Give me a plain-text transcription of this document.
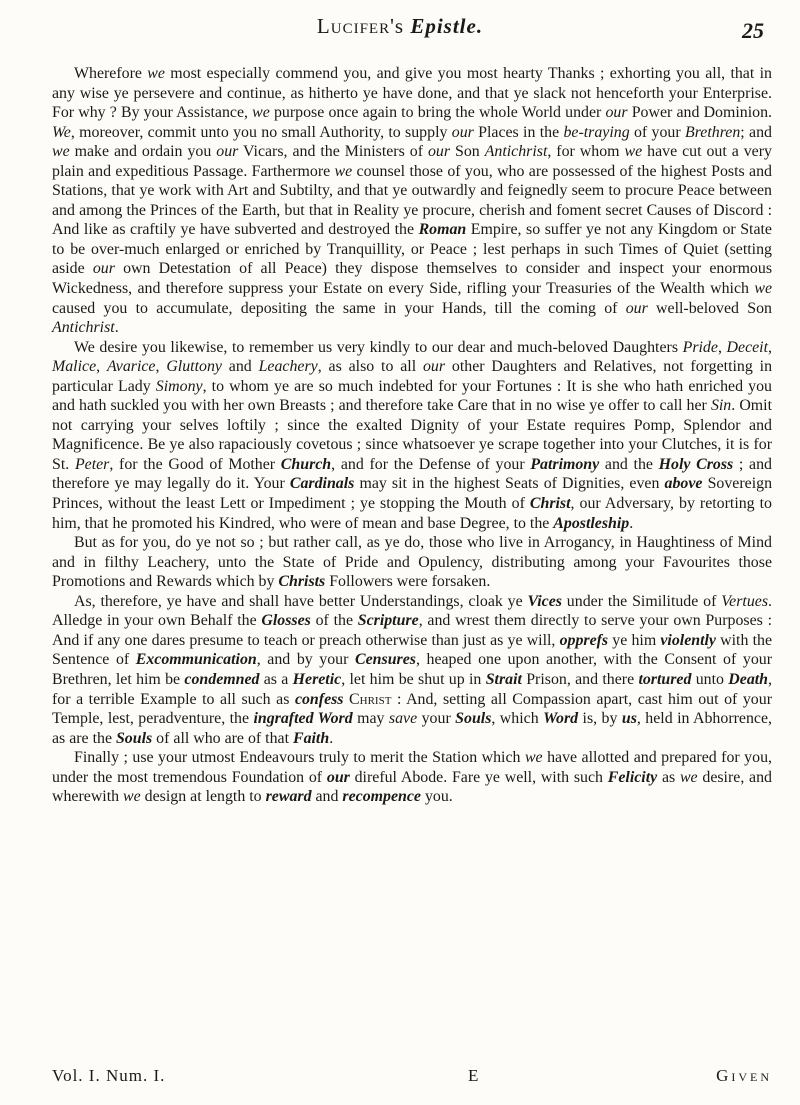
Lucifer's Epistle.	25

Wherefore we most especially commend you, and give you most hearty Thanks ; exhorting you all, that in any wise ye persevere and continue, as hitherto ye have done, and that ye slack not henceforth your Enterprise. For why ? By your Assistance, we purpose once again to bring the whole World under our Power and Dominion. We, moreover, commit unto you no small Authority, to supply our Places in the be-traying of your Brethren; and we make and ordain you our Vicars, and the Ministers of our Son Antichrist, for whom we have cut out a very plain and expeditious Passage. Farthermore we counsel those of you, who are possessed of the highest Posts and Stations, that ye work with Art and Subtilty, and that ye outwardly and feignedly seem to procure Peace between and among the Princes of the Earth, but that in Reality ye procure, cherish and foment secret Causes of Discord : And like as craftily ye have subverted and destroyed the Roman Empire, so suffer ye not any Kingdom or State to be over-much enlarged or enriched by Tranquillity, or Peace ; lest perhaps in such Times of Quiet (setting aside our own Detestation of all Peace) they dispose themselves to consider and inspect your enormous Wickedness, and therefore suppress your Estate on every Side, rifling your Treasuries of the Wealth which we caused you to accumulate, depositing the same in your Hands, till the coming of our well-beloved Son Antichrist.

We desire you likewise, to remember us very kindly to our dear and much-beloved Daughters Pride, Deceit, Malice, Avarice, Gluttony and Leachery, as also to all our other Daughters and Relatives, not forgetting in particular Lady Simony, to whom ye are so much indebted for your Fortunes : It is she who hath enriched you and hath suckled you with her own Breasts ; and therefore take Care that in no wise ye offer to call her Sin. Omit not carrying your selves loftily ; since the exalted Dignity of your Estate requires Pomp, Splendor and Magnificence. Be ye also rapaciously covetous ; since whatsoever ye scrape together into your Clutches, it is for St. Peter, for the Good of Mother Church, and for the Defense of your Patrimony and the Holy Cross ; and therefore ye may legally do it. Your Cardinals may sit in the highest Seats of Dignities, even above Sovereign Princes, without the least Lett or Impediment ; ye stopping the Mouth of Christ, our Adversary, by retorting to him, that he promoted his Kindred, who were of mean and base Degree, to the Apostleship.

But as for you, do ye not so ; but rather call, as ye do, those who live in Arrogancy, in Haughtiness of Mind and in filthy Leachery, unto the State of Pride and Opulency, distributing among your Favourites those Promotions and Rewards which by Christs Followers were forsaken.

As, therefore, ye have and shall have better Understandings, cloak ye Vices under the Similitude of Vertues. Alledge in your own Behalf the Glosses of the Scripture, and wrest them directly to serve your own Purposes : And if any one dares presume to teach or preach otherwise than just as ye will, opprefs ye him violently with the Sentence of Excommunication, and by your Censures, heaped one upon another, with the Consent of your Brethren, let him be condemned as a Heretic, let him be shut up in Strait Prison, and there tortured unto Death, for a terrible Example to all such as confess Christ : And, setting all Compassion apart, cast him out of your Temple, lest, peradventure, the ingrafted Word may save your Souls, which Word is, by us, held in Abhorrence, as are the Souls of all who are of that Faith.

Finally ; use your utmost Endeavours truly to merit the Station which we have allotted and prepared for you, under the most tremendous Foundation of our direful Abode. Fare ye well, with such Felicity as we desire, and wherewith we design at length to reward and recompence you.

Vol. I. Num. I.	E	Given
